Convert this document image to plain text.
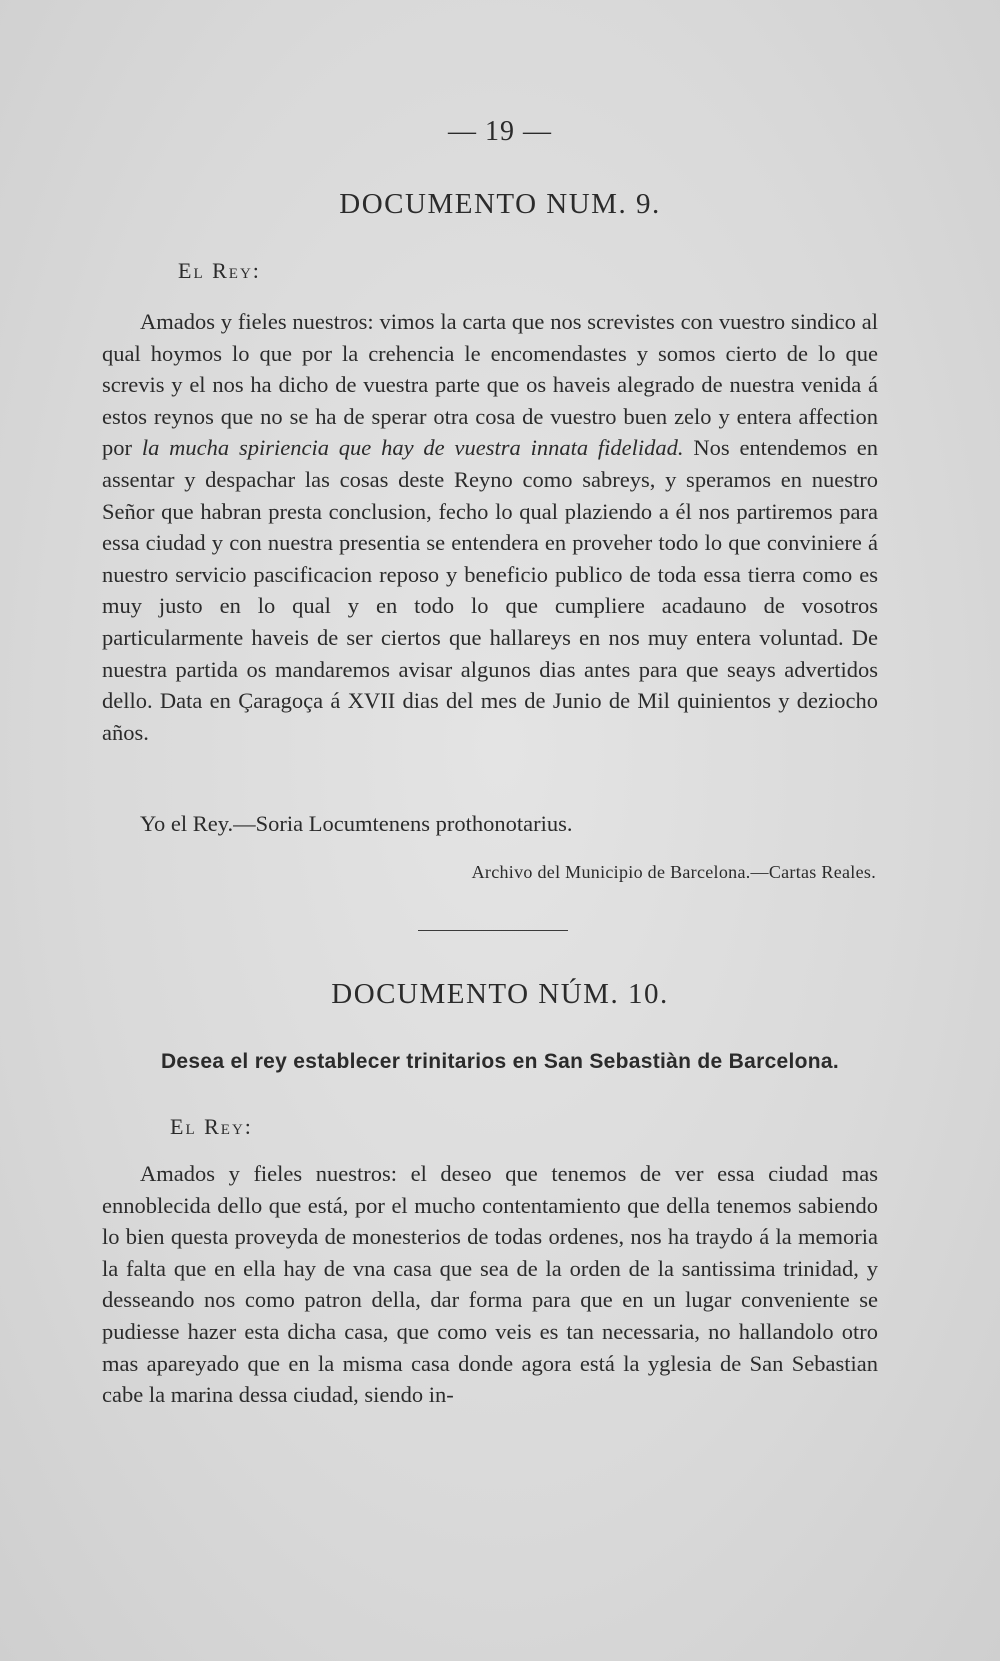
— 19 —
DOCUMENTO NUM. 9.
El Rey:
Amados y fieles nuestros: vimos la carta que nos screvistes con vuestro sindico al qual hoymos lo que por la crehencia le encomendastes y somos cierto de lo que screvis y el nos ha dicho de vuestra parte que os haveis alegrado de nuestra venida á estos reynos que no se ha de sperar otra cosa de vuestro buen zelo y entera affection por la mucha spiriencia que hay de vuestra innata fidelidad. Nos entendemos en assentar y despachar las cosas deste Reyno como sabreys, y speramos en nuestro Señor que habran presta conclusion, fecho lo qual plaziendo a él nos partiremos para essa ciudad y con nuestra presentia se entendera en proveher todo lo que conviniere á nuestro servicio pascificacion reposo y beneficio publico de toda essa tierra como es muy justo en lo qual y en todo lo que cumpliere acadauno de vosotros particularmente haveis de ser ciertos que hallareys en nos muy entera voluntad. De nuestra partida os mandaremos avisar algunos dias antes para que seays advertidos dello. Data en Çaragoça á XVII dias del mes de Junio de Mil quinientos y deziocho años.
Yo el Rey.—Soria Locumtenens prothonotarius.
Archivo del Municipio de Barcelona.—Cartas Reales.
DOCUMENTO NÚM. 10.
Desea el rey establecer trinitarios en San Sebastiàn de Barcelona.
El Rey:
Amados y fieles nuestros: el deseo que tenemos de ver essa ciudad mas ennoblecida dello que está, por el mucho contentamiento que della tenemos sabiendo lo bien questa proveyda de monesterios de todas ordenes, nos ha traydo á la memoria la falta que en ella hay de vna casa que sea de la orden de la santissima trinidad, y desseando nos como patron della, dar forma para que en un lugar conveniente se pudiesse hazer esta dicha casa, que como veis es tan necessaria, no hallandolo otro mas apareyado que en la misma casa donde agora está la yglesia de San Sebastian cabe la marina dessa ciudad, siendo in-
